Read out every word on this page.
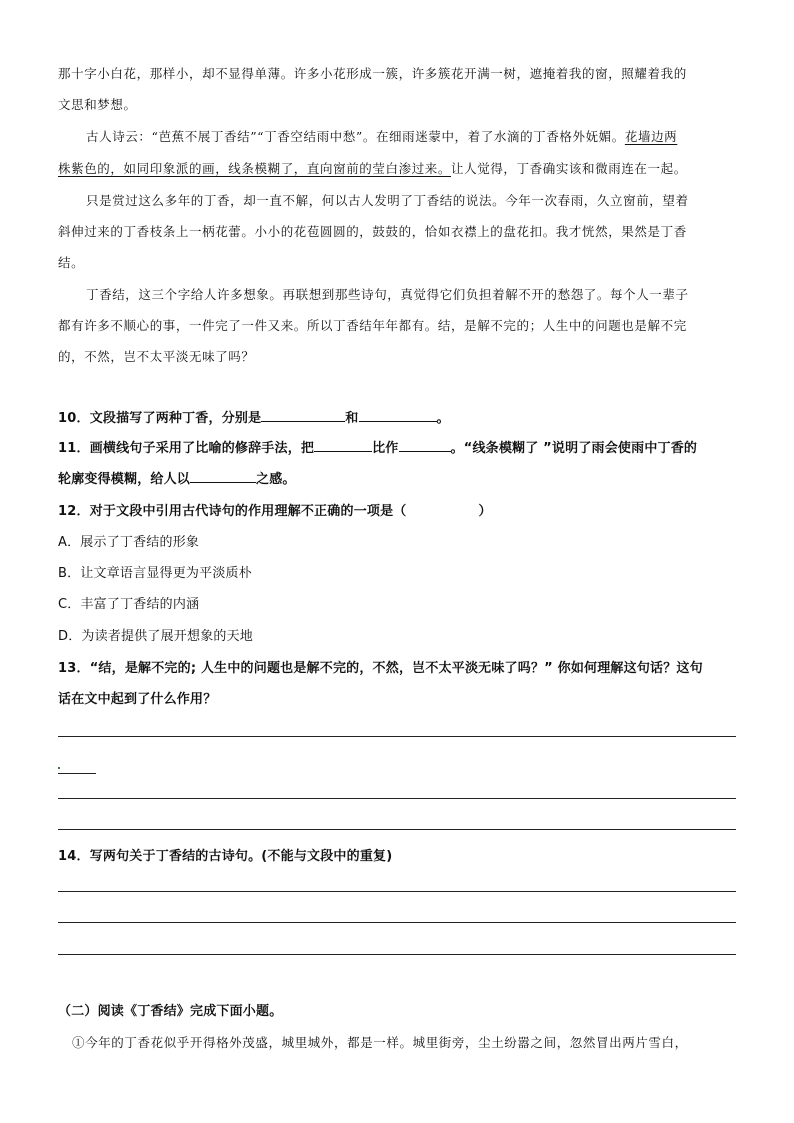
那十字小白花，那样小，却不显得单薄。许多小花形成一簇，许多簇花开满一树，遮掩着我的窗，照耀着我的
文思和梦想。
古人诗云：“芭蕉不展丁香结”“丁香空结雨中愁”。在细雨迷蒙中，着了水滴的丁香格外妩媚。花墙边两
株紫色的，如同印象派的画，线条模糊了，直向窗前的莹白渗过来。让人觉得，丁香确实该和微雨连在一起。
只是赏过这么多年的丁香，却一直不解，何以古人发明了丁香结的说法。今年一次春雨，久立窗前，望着
斜伸过来的丁香枝条上一柄花蕾。小小的花苞圆圆的，鼓鼓的，恰如衣襟上的盘花扣。我才恍然，果然是丁香
结。
丁香结，这三个字给人许多想象。再联想到那些诗句，真觉得它们负担着解不开的愁怨了。每个人一辈子
都有许多不顺心的事，一件完了一件又来。所以丁香结年年都有。结，是解不完的；人生中的问题也是解不完
的，不然，岂不太平淡无味了吗？
10．文段描写了两种丁香，分别是	和	。
11．画横线句子采用了比喻的修辞手法，把	比作	。“线条模糊了 ”说明了雨会使雨中丁香的
轮廓变得模糊，给人以	之感。
12．对于文段中引用古代诗句的作用理解不正确的一项是（	）
A．展示了丁香结的形象
B．让文章语言显得更为平淡质朴
C．丰富了丁香结的内涵
D．为读者提供了展开想象的天地
13．“结，是解不完的; 人生中的问题也是解不完的，不然，岂不太平淡无味了吗？” 你如何理解这句话？这句
话在文中起到了什么作用？
14．写两句关于丁香结的古诗句。(不能与文段中的重复)
（二）阅读《丁香结》完成下面小题。
①今年的丁香花似乎开得格外茂盛，城里城外，都是一样。城里街旁，尘土纷嚣之间，忽然冒出两片雪白，
